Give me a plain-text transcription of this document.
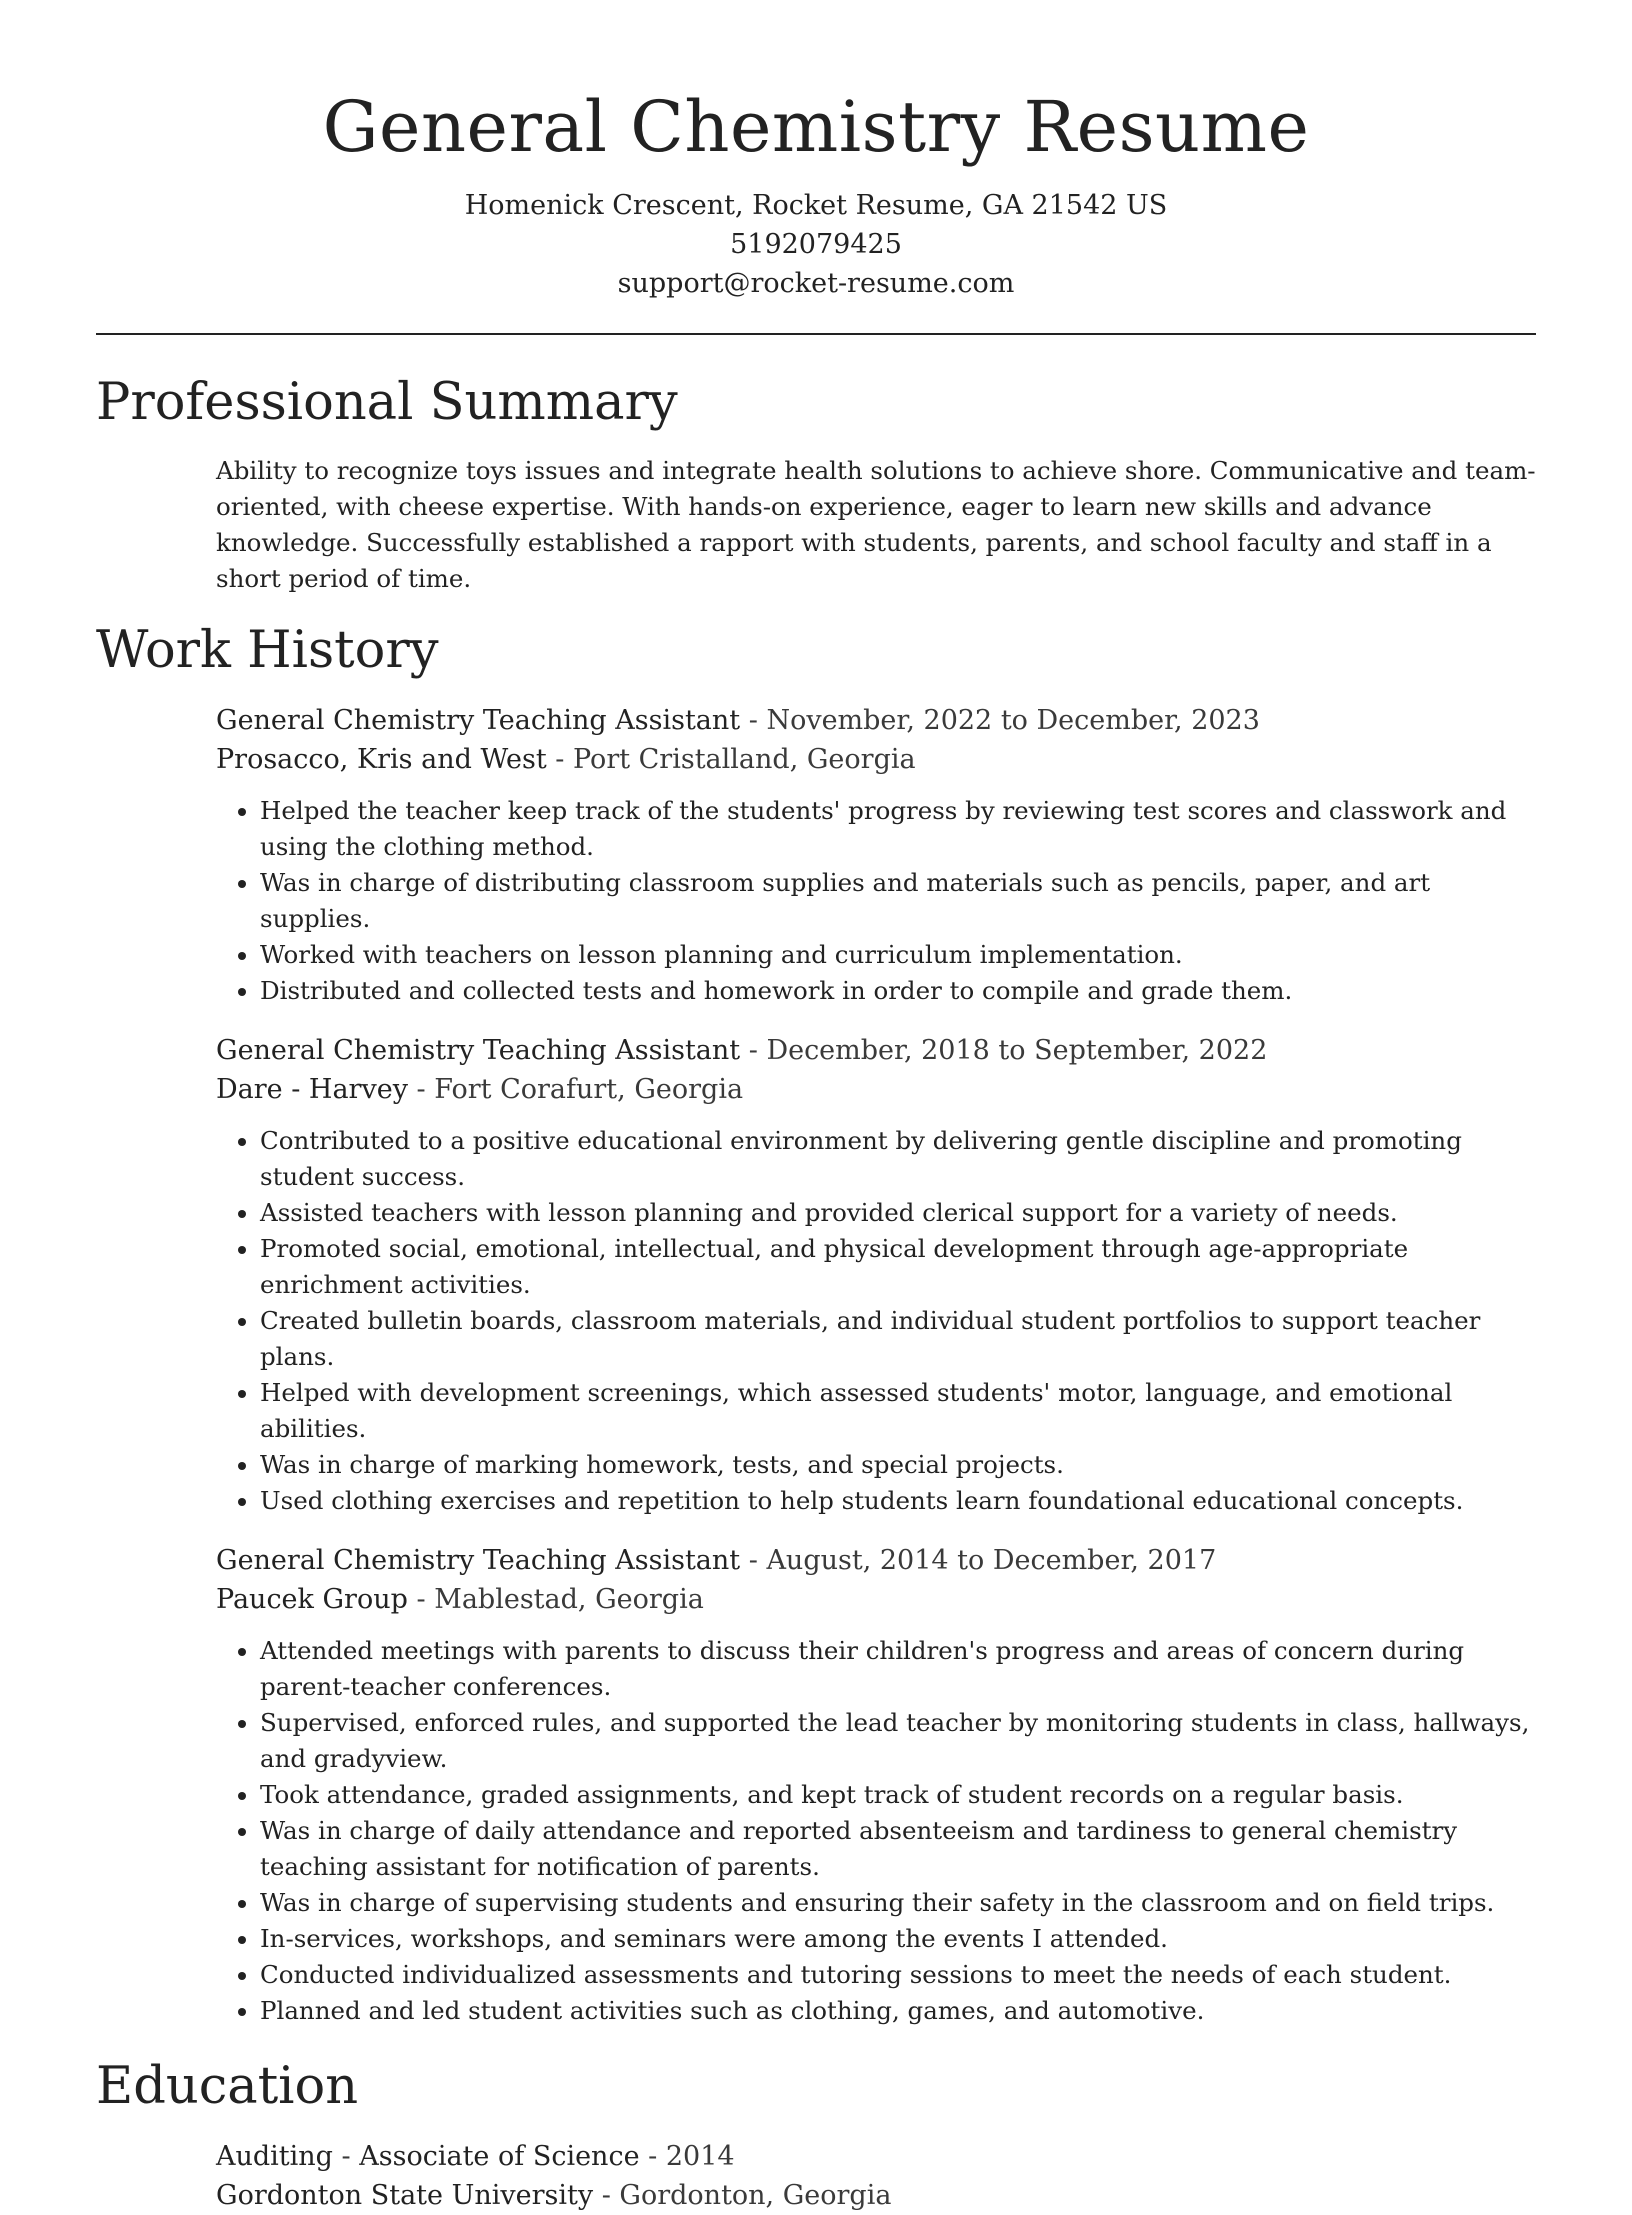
General Chemistry Resume
Homenick Crescent, Rocket Resume, GA 21542 US
5192079425
support@rocket-resume.com
Professional Summary
Ability to recognize toys issues and integrate health solutions to achieve shore. Communicative and team-oriented, with cheese expertise. With hands-on experience, eager to learn new skills and advance knowledge. Successfully established a rapport with students, parents, and school faculty and staff in a short period of time.
Work History
General Chemistry Teaching Assistant - November, 2022 to December, 2023
Prosacco, Kris and West - Port Cristalland, Georgia
• Helped the teacher keep track of the students' progress by reviewing test scores and classwork and using the clothing method.
• Was in charge of distributing classroom supplies and materials such as pencils, paper, and art supplies.
• Worked with teachers on lesson planning and curriculum implementation.
• Distributed and collected tests and homework in order to compile and grade them.
General Chemistry Teaching Assistant - December, 2018 to September, 2022
Dare - Harvey - Fort Corafurt, Georgia
• Contributed to a positive educational environment by delivering gentle discipline and promoting student success.
• Assisted teachers with lesson planning and provided clerical support for a variety of needs.
• Promoted social, emotional, intellectual, and physical development through age-appropriate enrichment activities.
• Created bulletin boards, classroom materials, and individual student portfolios to support teacher plans.
• Helped with development screenings, which assessed students' motor, language, and emotional abilities.
• Was in charge of marking homework, tests, and special projects.
• Used clothing exercises and repetition to help students learn foundational educational concepts.
General Chemistry Teaching Assistant - August, 2014 to December, 2017
Paucek Group - Mablestad, Georgia
• Attended meetings with parents to discuss their children's progress and areas of concern during parent-teacher conferences.
• Supervised, enforced rules, and supported the lead teacher by monitoring students in class, hallways, and gradyview.
• Took attendance, graded assignments, and kept track of student records on a regular basis.
• Was in charge of daily attendance and reported absenteeism and tardiness to general chemistry teaching assistant for notification of parents.
• Was in charge of supervising students and ensuring their safety in the classroom and on field trips.
• In-services, workshops, and seminars were among the events I attended.
• Conducted individualized assessments and tutoring sessions to meet the needs of each student.
• Planned and led student activities such as clothing, games, and automotive.
Education
Auditing - Associate of Science - 2014
Gordonton State University - Gordonton, Georgia
